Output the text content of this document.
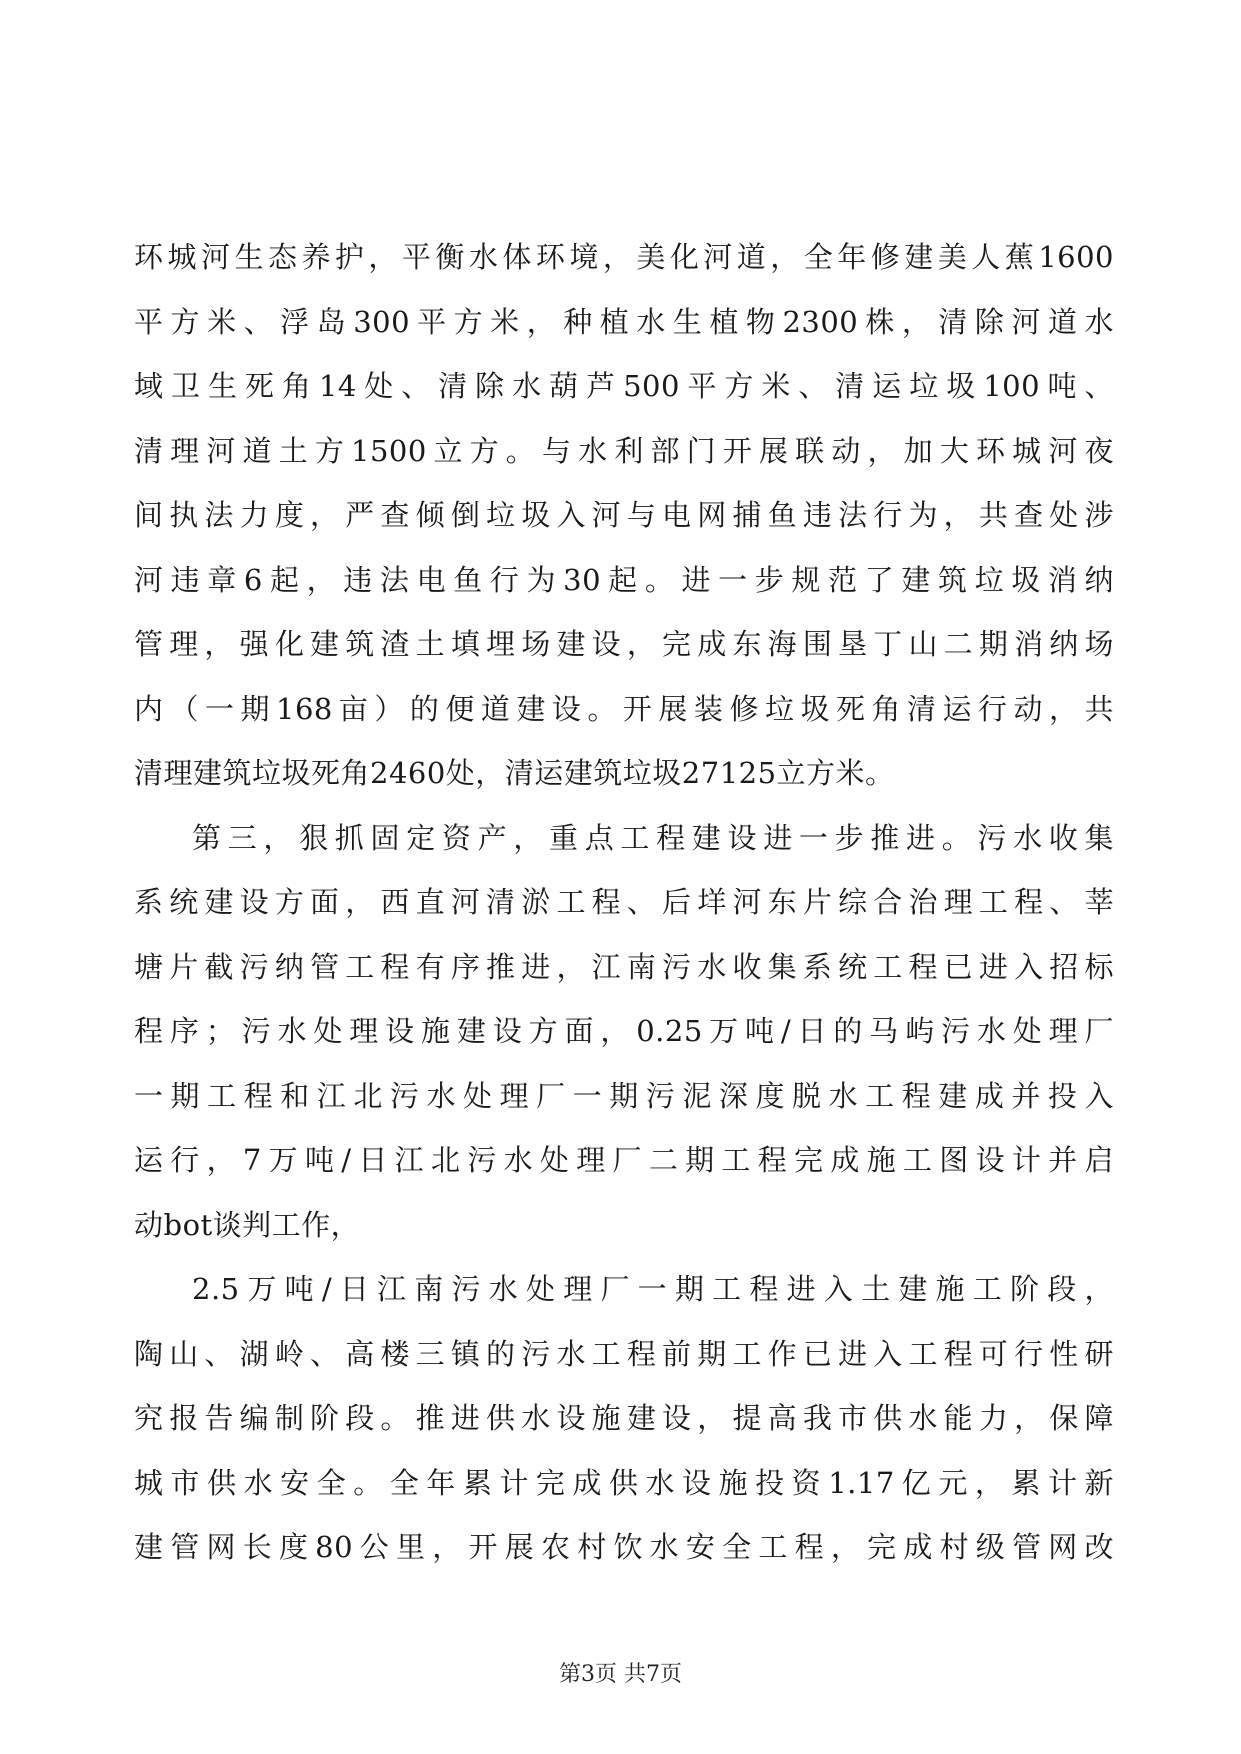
环城河生态养护，平衡水体环境，美化河道，全年修建美人蕉1600
平方米、浮岛300平方米，种植水生植物2300株，清除河道水
域卫生死角14处、清除水葫芦500平方米、清运垃圾100吨、
清理河道土方1500立方。与水利部门开展联动，加大环城河夜
间执法力度，严查倾倒垃圾入河与电网捕鱼违法行为，共查处涉
河违章6起，违法电鱼行为30起。进一步规范了建筑垃圾消纳
管理，强化建筑渣土填埋场建设，完成东海围垦丁山二期消纳场
内（一期168亩）的便道建设。开展装修垃圾死角清运行动，共
清理建筑垃圾死角2460处，清运建筑垃圾27125立方米。
第三，狠抓固定资产，重点工程建设进一步推进。污水收集
系统建设方面，西直河清淤工程、后垟河东片综合治理工程、莘
塘片截污纳管工程有序推进，江南污水收集系统工程已进入招标
程序；污水处理设施建设方面，0.25万吨/日的马屿污水处理厂
一期工程和江北污水处理厂一期污泥深度脱水工程建成并投入
运行，7万吨/日江北污水处理厂二期工程完成施工图设计并启
动bot谈判工作，
2.5万吨/日江南污水处理厂一期工程进入土建施工阶段，
陶山、湖岭、高楼三镇的污水工程前期工作已进入工程可行性研
究报告编制阶段。推进供水设施建设，提高我市供水能力，保障
城市供水安全。全年累计完成供水设施投资1.17亿元，累计新
建管网长度80公里，开展农村饮水安全工程，完成村级管网改
第3页 共7页
